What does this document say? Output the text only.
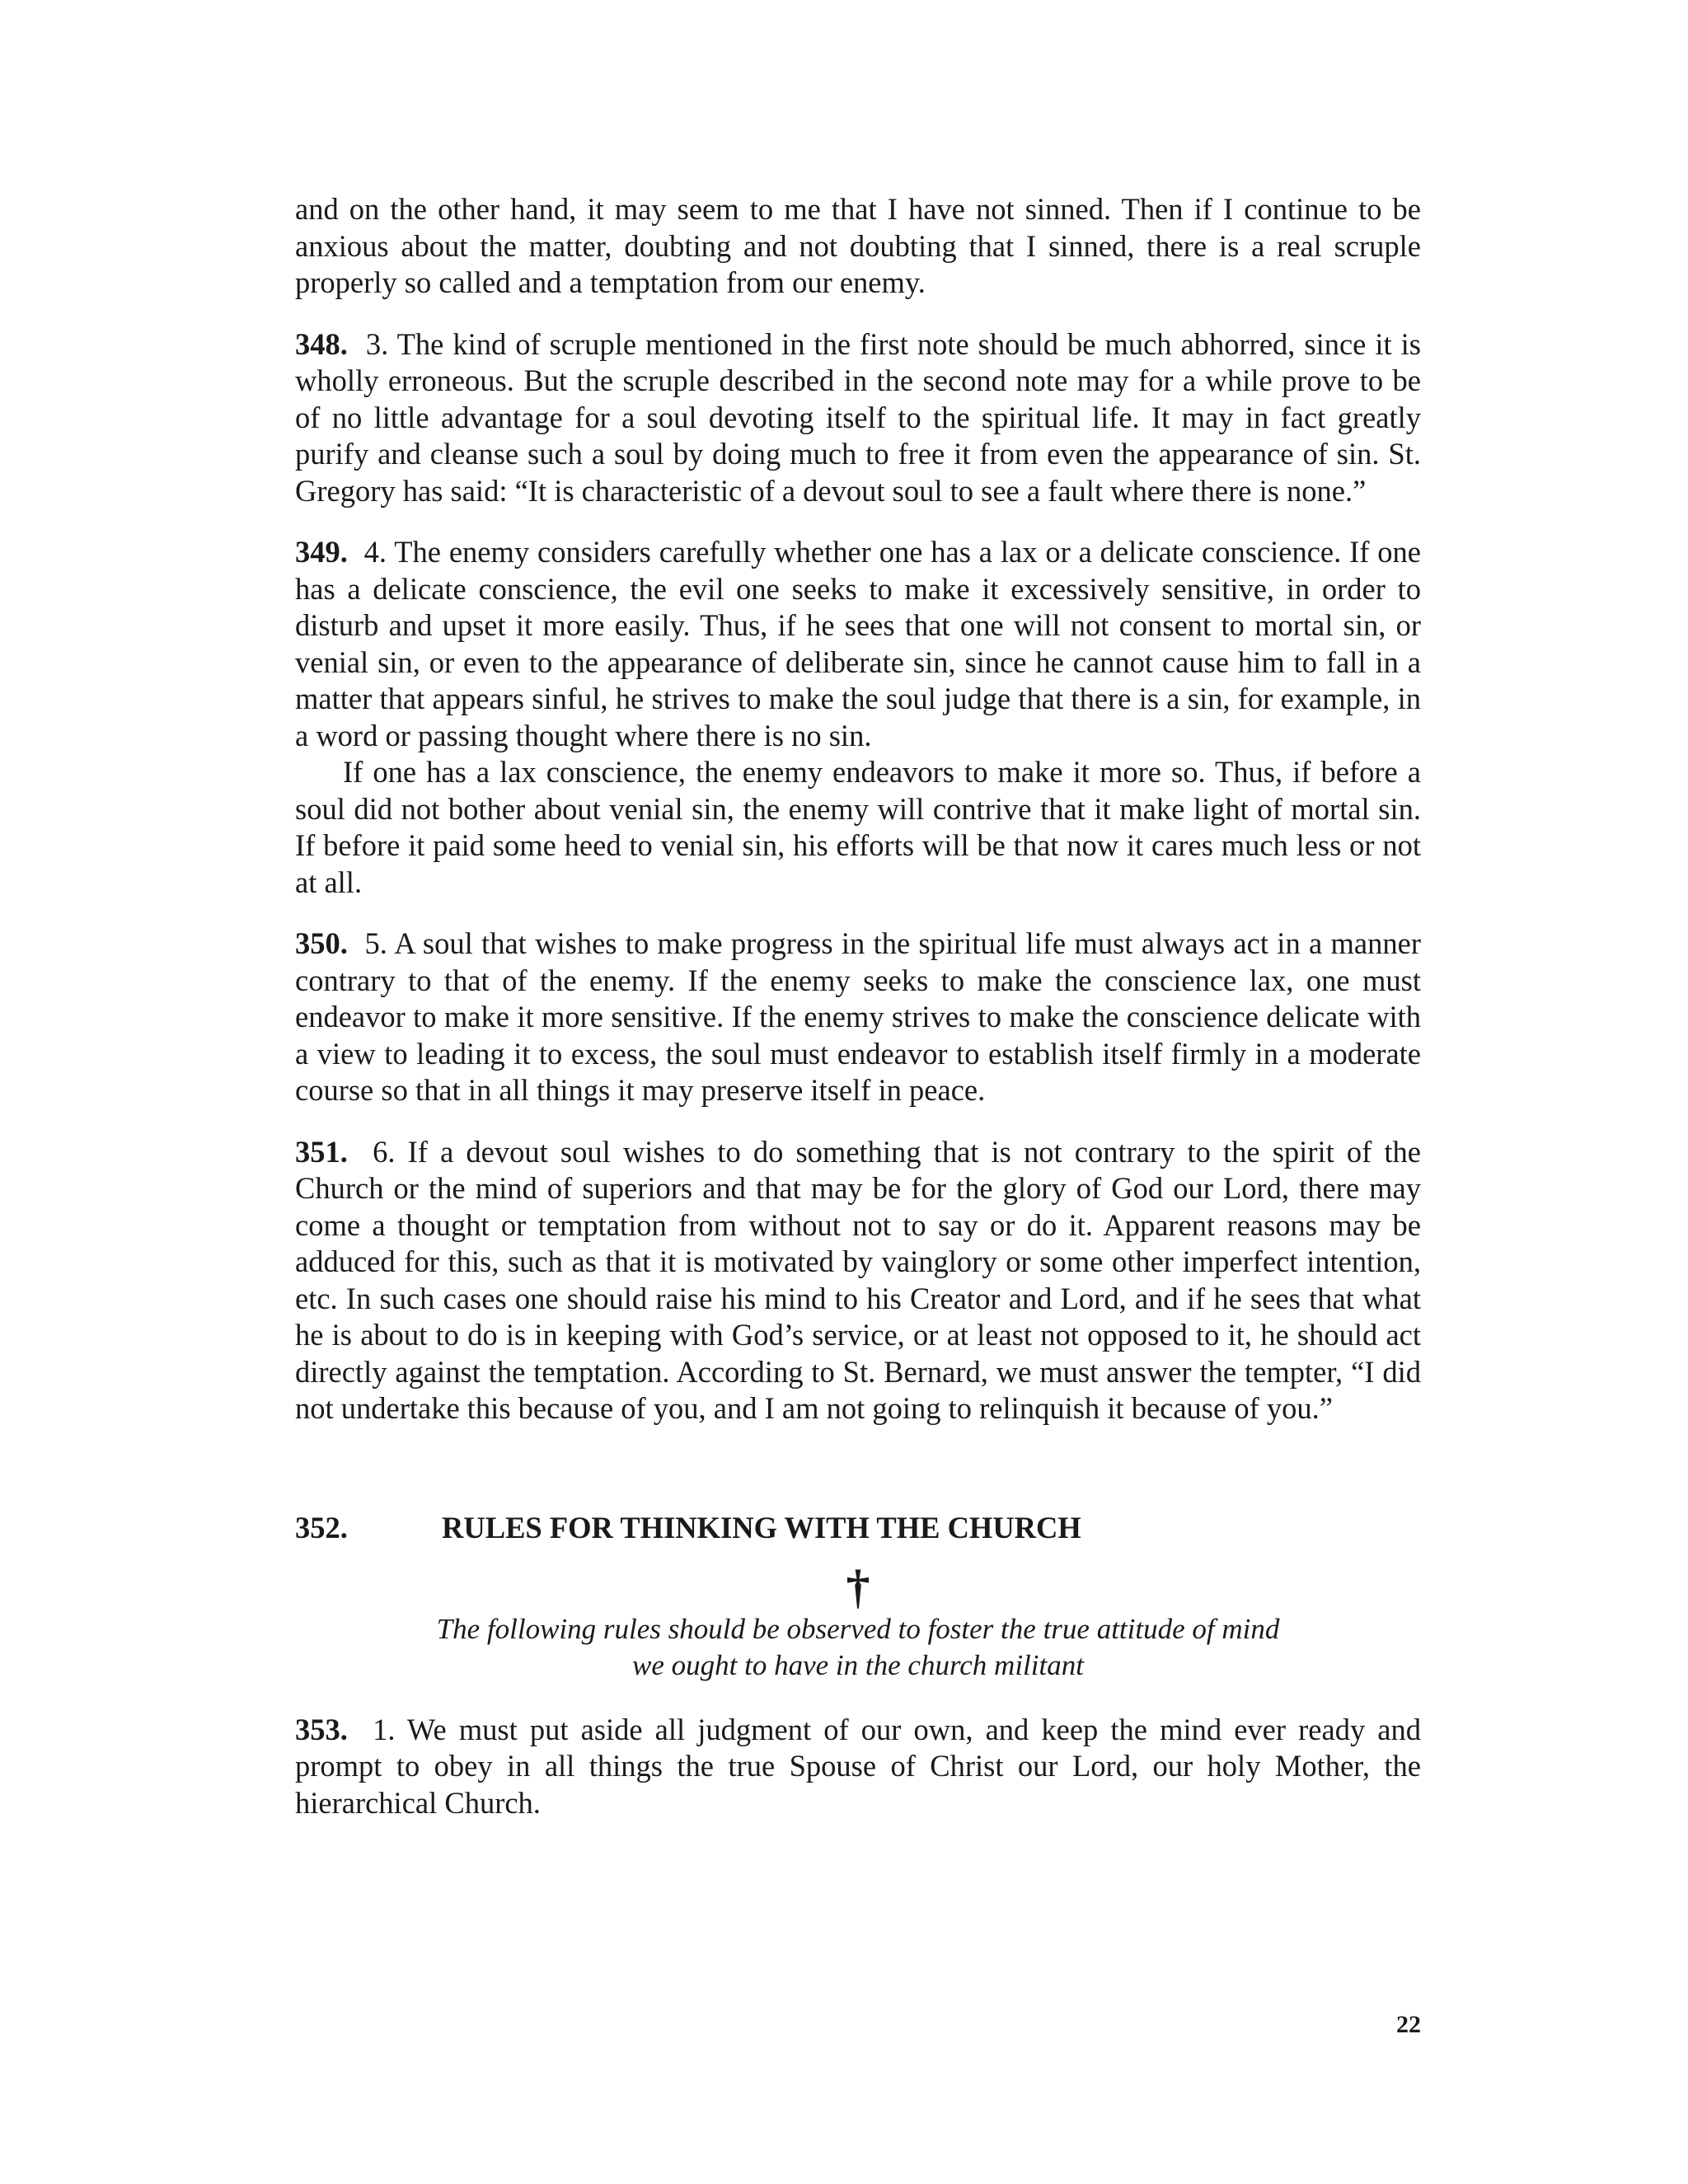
and on the other hand, it may seem to me that I have not sinned. Then if I continue to be anxious about the matter, doubting and not doubting that I sinned, there is a real scruple properly so called and a temptation from our enemy.

348. 3. The kind of scruple mentioned in the first note should be much abhorred, since it is wholly erroneous. But the scruple described in the second note may for a while prove to be of no little advantage for a soul devoting itself to the spiritual life. It may in fact greatly purify and cleanse such a soul by doing much to free it from even the appearance of sin. St. Gregory has said: “It is characteristic of a devout soul to see a fault where there is none.”

349. 4. The enemy considers carefully whether one has a lax or a delicate conscience. If one has a delicate conscience, the evil one seeks to make it excessively sensitive, in order to disturb and upset it more easily. Thus, if he sees that one will not consent to mortal sin, or venial sin, or even to the appearance of deliberate sin, since he cannot cause him to fall in a matter that appears sinful, he strives to make the soul judge that there is a sin, for example, in a word or passing thought where there is no sin.

If one has a lax conscience, the enemy endeavors to make it more so. Thus, if before a soul did not bother about venial sin, the enemy will contrive that it make light of mortal sin. If before it paid some heed to venial sin, his efforts will be that now it cares much less or not at all.

350. 5. A soul that wishes to make progress in the spiritual life must always act in a manner contrary to that of the enemy. If the enemy seeks to make the conscience lax, one must endeavor to make it more sensitive. If the enemy strives to make the conscience delicate with a view to leading it to excess, the soul must endeavor to establish itself firmly in a moderate course so that in all things it may preserve itself in peace.

351. 6. If a devout soul wishes to do something that is not contrary to the spirit of the Church or the mind of superiors and that may be for the glory of God our Lord, there may come a thought or temptation from without not to say or do it. Apparent reasons may be adduced for this, such as that it is motivated by vainglory or some other imperfect intention, etc. In such cases one should raise his mind to his Creator and Lord, and if he sees that what he is about to do is in keeping with God’s service, or at least not opposed to it, he should act directly against the temptation. According to St. Bernard, we must answer the tempter, “I did not undertake this because of you, and I am not going to relinquish it because of you.”

352.	RULES FOR THINKING WITH THE CHURCH
†
The following rules should be observed to foster the true attitude of mind
we ought to have in the church militant

353. 1. We must put aside all judgment of our own, and keep the mind ever ready and prompt to obey in all things the true Spouse of Christ our Lord, our holy Mother, the hierarchical Church.

22
